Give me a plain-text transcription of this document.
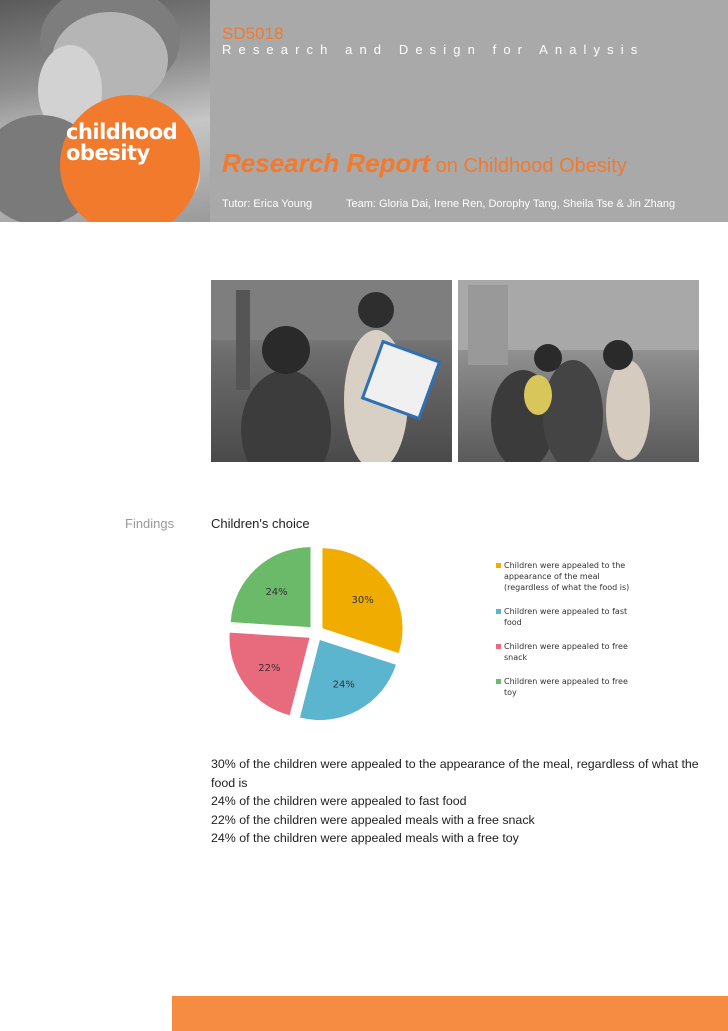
childhood
obesity
SD5018
Research and Design for Analysis
Research Report on Childhood Obesity
Tutor: Erica Young	Team: Gloria Dai, Irene Ren, Dorophy Tang, Sheila Tse & Jin Zhang
Findings	Children's choice
30%
24%
22%
24%
Children were appealed to the appearance of the meal (regardless of what the food is)
Children were appealed to fast food
Children were appealed to free snack
Children were appealed to free toy
30% of the children were appealed to the appearance of the meal, regardless of what the food is
24% of the children were appealed to fast food
22% of the children were appealed meals with a free snack
24% of the children were appealed meals with a free toy
